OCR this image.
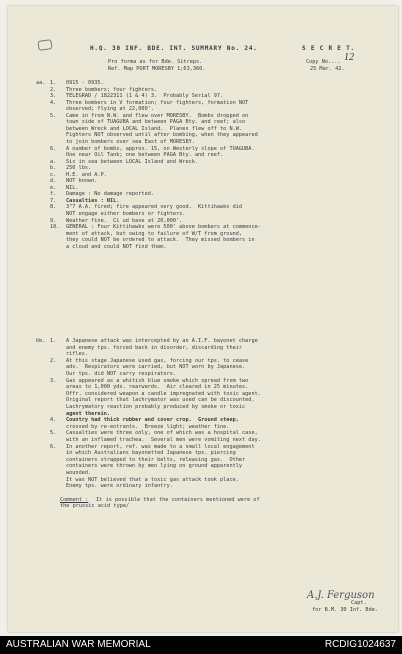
H.Q. 30 INF. BDE. INT. SUMMARY No. 24.	S E C R E T.
Pro forma as for Bde. Sitreps.
Ref. Map PORT MORESBY 1;63,360.
Copy No.... 12
25 Mar. 42.
aa. 1. 0915 - 0935.
2. Three bombers; four fighters.
3. TELEGRAD / 1822311 (1 & 4) 3.  Probably Serial 97.
4. Three bombers in V formation; four fighters, formation NOT
observed; flying at 22,000'.
5. Came in from N.W. and flew over MORESBY.  Bombs dropped on
town side of TUAGUBA and between PAGA Bty. and reef; also
between Wreck and LOCAL Island.  Planes flew off to N.W.
Fighters NOT observed until after bombing, when they appeared
to join bombers over sea East of MORESBY.
6. A number of bombs, approx. 15, on Westerly slope of TUAGUBA.
One near Oil Tank; one between PAGA Bty. and reef.
a. Six in sea between LOCAL Island and Wreck.
b. 250 lbs.
c. H.E. and A.P.
d. NOT known.
e. NIL.
f. Damage : No damage reported.
7. Casualties : NIL.
8. 3"7 A.A. fired; fire appeared very good.  Kittihawks did
NOT engage either bombers or fighters.
9. Weather fine.  Ci ud base at 20,000'.
10. GENERAL : Four Kittihawks were 500' above bombers at commence-
ment of attack, but owing to failure of W/T from ground,
they could NOT be ordered to attack.  They missed bombers in
a cloud and could NOT find them.
bb. 1. A Japanese attack was intercepted by an A.I.F. bayonet charge
and enemy tps. forced back in disorder, discarding their
rifles.
2. At this stage Japanese used gas, forcing our tps. to cease
adv.  Respirators were carried, but NOT worn by Japanese.
Our tps. did NOT carry respirators.
3. Gas appeared as a whitish blue smoke which spread from two
areas to 1,000 yds. rearwards.  Air cleared in 25 minutes.
Offr. considered weapon a candle impregnated with toxic agent.
Original report that lachrymator was used can be discounted.
Lachrymatory reaction probably produced by smoke or toxic
agent therein.
4. Country had thick rubber and cover crop.  Ground steep,
crossed by re-entrants.  Breeze light; weather fine.
5. Casualties were three only, one of which was a hospital case,
with an inflamed trachea.  Several men were vomiting next day.
6. In another report, ref. was made to a small local engagement
in which Australians bayonetted Japanese tps. piercing
containers strapped to their belts, releasing gas.  Other
containers were thrown by men lying on ground apparently
wounded.
It was NOT believed that a toxic gas attack took place.
Enemy tps. were ordinary infantry.
Comment : It is possible that the containers mentioned were of
the prussic acid type/
A.J. Ferguson
Capt.
for B.M. 30 Inf. Bde.
AUSTRALIAN WAR MEMORIAL	RCDIG1024637
